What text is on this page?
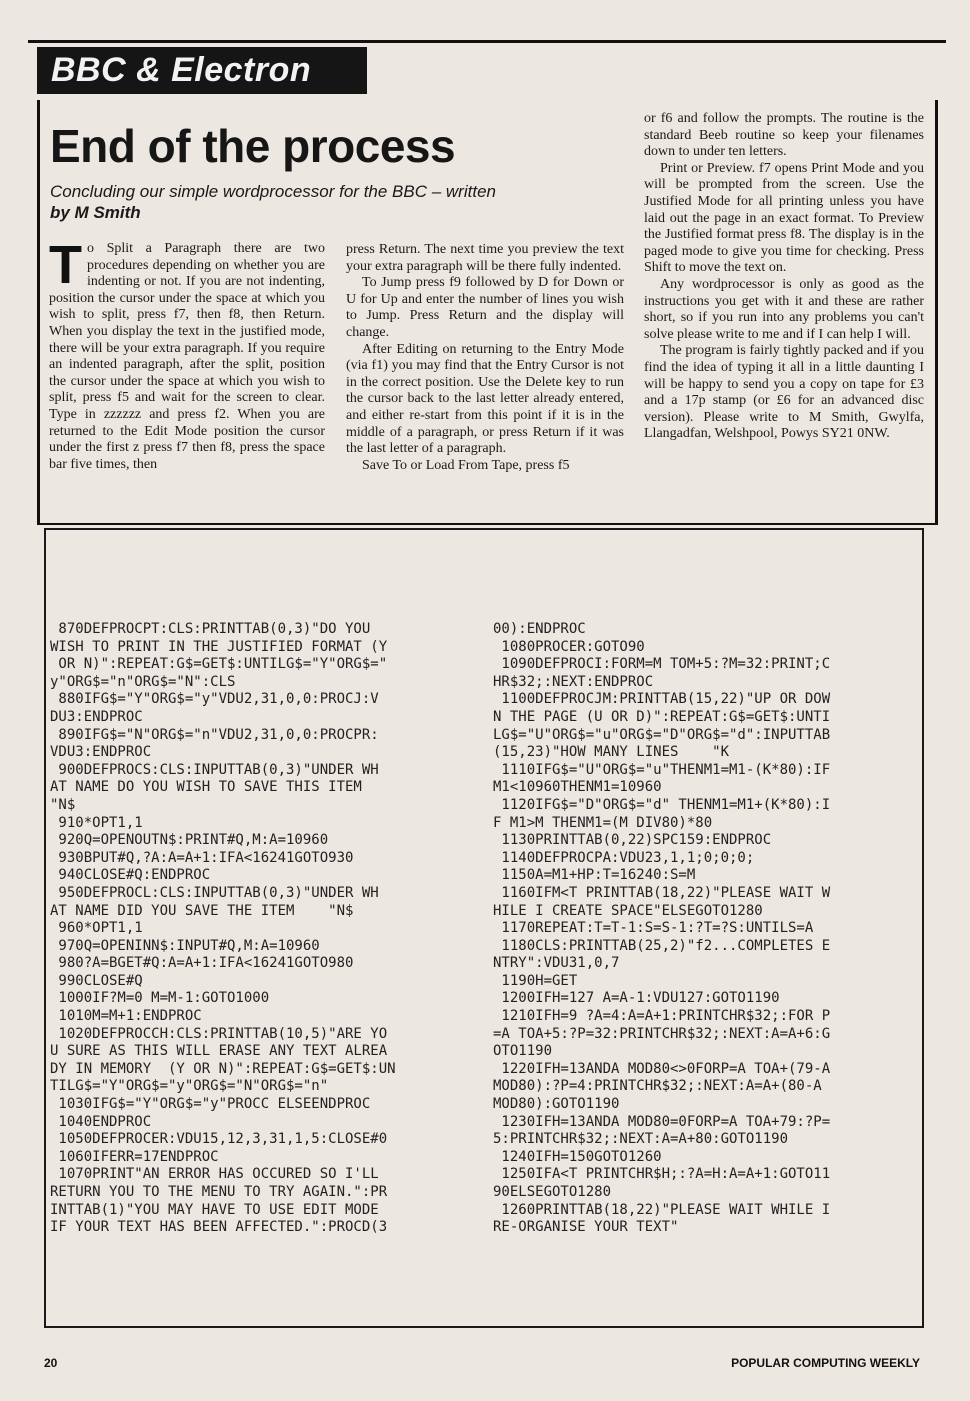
BBC & Electron
End of the process

Concluding our simple wordprocessor for the BBC – written by M Smith

To Split a Paragraph there are two procedures depending on whether you are indenting or not. If you are not indenting, position the cursor under the space at which you wish to split, press f7, then f8, then Return. When you display the text in the justified mode, there will be your extra paragraph. If you require an indented paragraph, after the split, position the cursor under the space at which you wish to split, press f5 and wait for the screen to clear. Type in zzzzzz and press f2. When you are returned to the Edit Mode position the cursor under the first z press f7 then f8, press the space bar five times, then

press Return. The next time you preview the text your extra paragraph will be there fully indented.

To Jump press f9 followed by D for Down or U for Up and enter the number of lines you wish to Jump. Press Return and the display will change.

After Editing on returning to the Entry Mode (via f1) you may find that the Entry Cursor is not in the correct position. Use the Delete key to run the cursor back to the last letter already entered, and either re-start from this point if it is in the middle of a paragraph, or press Return if it was the last letter of a paragraph.

Save To or Load From Tape, press f5

or f6 and follow the prompts. The routine is the standard Beeb routine so keep your filenames down to under ten letters.

Print or Preview. f7 opens Print Mode and you will be prompted from the screen. Use the Justified Mode for all printing unless you have laid out the page in an exact format. To Preview the Justified format press f8. The display is in the paged mode to give you time for checking. Press Shift to move the text on.

Any wordprocessor is only as good as the instructions you get with it and these are rather short, so if you run into any problems you can't solve please write to me and if I can help I will.

The program is fairly tightly packed and if you find the idea of typing it all in a little daunting I will be happy to send you a copy on tape for £3 and a 17p stamp (or £6 for an advanced disc version). Please write to M Smith, Gwylfa, Llangadfan, Welshpool, Powys SY21 0NW.

870DEFPROCPT:CLS:PRINTTAB(0,3)"DO YOU
WISH TO PRINT IN THE JUSTIFIED FORMAT (Y
OR N)":REPEAT:G$=GET$:UNTILG$="Y"ORG$="
y"ORG$="n"ORG$="N":CLS
880IFG$="Y"ORG$="y"VDU2,31,0,0:PROCJ:V
DU3:ENDPROC
890IFG$="N"ORG$="n"VDU2,31,0,0:PROCPR:
VDU3:ENDPROC
900DEFPROCS:CLS:INPUTTAB(0,3)"UNDER WH
AT NAME DO YOU WISH TO SAVE THIS ITEM
"N$
910*OPT1,1
920Q=OPENOUTN$:PRINT#Q,M:A=10960
930BPUT#Q,?A:A=A+1:IFA<16241GOTO930
940CLOSE#Q:ENDPROC
950DEFPROCL:CLS:INPUTTAB(0,3)"UNDER WH
AT NAME DID YOU SAVE THE ITEM    "N$
960*OPT1,1
970Q=OPENINN$:INPUT#Q,M:A=10960
980?A=BGET#Q:A=A+1:IFA<16241GOTO980
990CLOSE#Q
1000IF?M=0 M=M-1:GOTO1000
1010M=M+1:ENDPROC
1020DEFPROCCH:CLS:PRINTTAB(10,5)"ARE YO
U SURE AS THIS WILL ERASE ANY TEXT ALREA
DY IN MEMORY  (Y OR N)":REPEAT:G$=GET$:UN
TILG$="Y"ORG$="y"ORG$="N"ORG$="n"
1030IFG$="Y"ORG$="y"PROCC ELSEENDPROC
1040ENDPROC
1050DEFPROCER:VDU15,12,3,31,1,5:CLOSE#0
1060IFERR=17ENDPROC
1070PRINT"AN ERROR HAS OCCURED SO I'LL
RETURN YOU TO THE MENU TO TRY AGAIN.":PR
INTTAB(1)"YOU MAY HAVE TO USE EDIT MODE
IF YOUR TEXT HAS BEEN AFFECTED.":PROCD(3
00):ENDPROC
1080PROCER:GOTO90
1090DEFPROCI:FORM=M TOM+5:?M=32:PRINT;C
HR$32;:NEXT:ENDPROC
1100DEFPROCJM:PRINTTAB(15,22)"UP OR DOW
N THE PAGE (U OR D)":REPEAT:G$=GET$:UNTI
LG$="U"ORG$="u"ORG$="D"ORG$="d":INPUTTAB
(15,23)"HOW MANY LINES    "K
1110IFG$="U"ORG$="u"THENM1=M1-(K*80):IF
M1<10960THENM1=10960
1120IFG$="D"ORG$="d" THENM1=M1+(K*80):I
F M1>M THENM1=(M DIV80)*80
1130PRINTTAB(0,22)SPC159:ENDPROC
1140DEFPROCPA:VDU23,1,1;0;0;0;
1150A=M1+HP:T=16240:S=M
1160IFM<T PRINTTAB(18,22)"PLEASE WAIT W
HILE I CREATE SPACE"ELSEGOTO1280
1170REPEAT:T=T-1:S=S-1:?T=?S:UNTILS=A
1180CLS:PRINTTAB(25,2)"f2...COMPLETES E
NTRY":VDU31,0,7
1190H=GET
1200IFH=127 A=A-1:VDU127:GOTO1190
1210IFH=9 ?A=4:A=A+1:PRINTCHR$32;:FOR P
=A TOA+5:?P=32:PRINTCHR$32;:NEXT:A=A+6:G
OTO1190
1220IFH=13ANDA MOD80<>0FORP=A TOA+(79-A
MOD80):?P=4:PRINTCHR$32;:NEXT:A=A+(80-A
MOD80):GOTO1190
1230IFH=13ANDA MOD80=0FORP=A TOA+79:?P=
5:PRINTCHR$32;:NEXT:A=A+80:GOTO1190
1240IFH=150GOTO1260
1250IFA<T PRINTCHR$H;:?A=H:A=A+1:GOTO11
90ELSEGOTO1280
1260PRINTTAB(18,22)"PLEASE WAIT WHILE I
RE-ORGANISE YOUR TEXT"
20	POPULAR COMPUTING WEEKLY
